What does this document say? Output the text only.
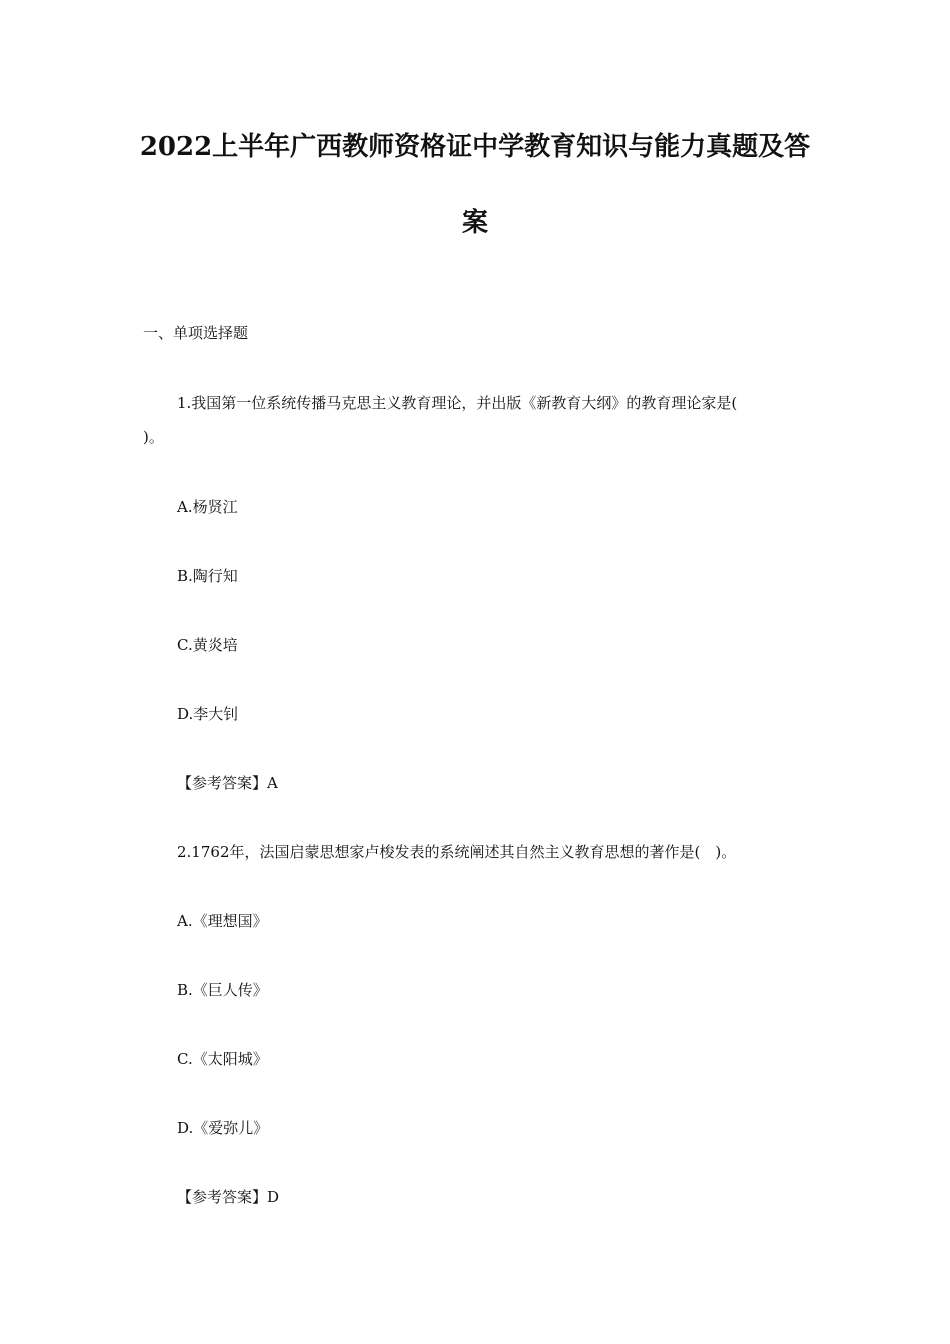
2022上半年广西教师资格证中学教育知识与能力真题及答
案

一、单项选择题

1.我国第一位系统传播马克思主义教育理论，并出版《新教育大纲》的教育理论家是(

)。

A.杨贤江

B.陶行知

C.黄炎培

D.李大钊

【参考答案】A

2.1762年，法国启蒙思想家卢梭发表的系统阐述其自然主义教育思想的著作是(　)。

A.《理想国》

B.《巨人传》

C.《太阳城》

D.《爱弥儿》

【参考答案】D
